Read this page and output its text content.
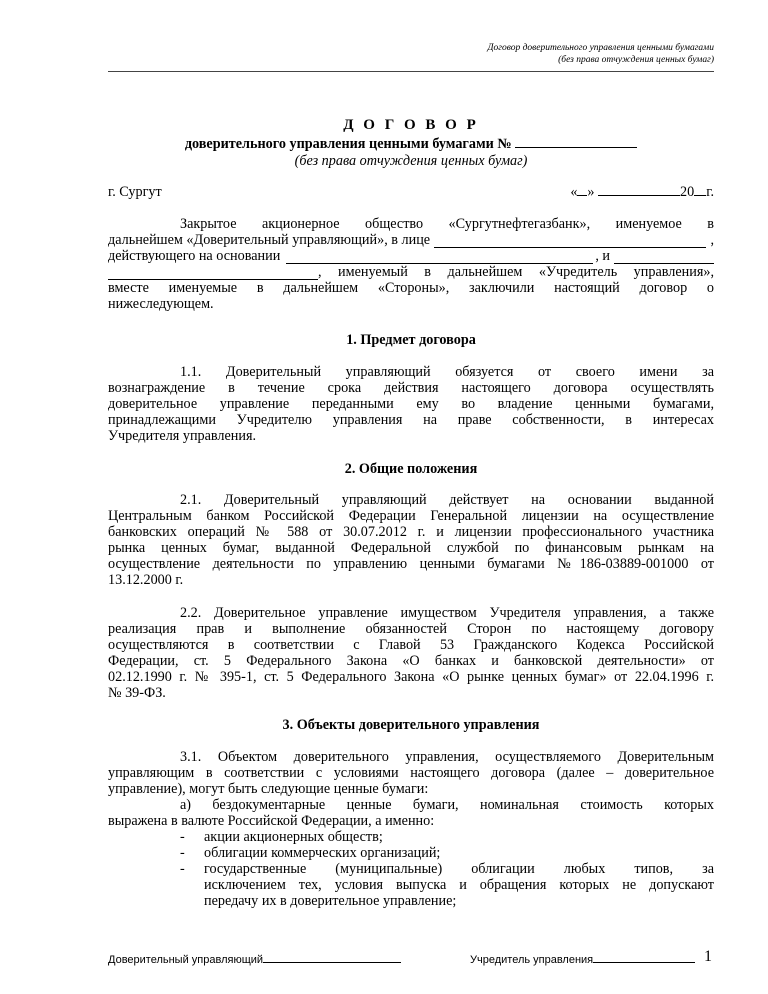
Договор доверительного управления ценными бумагами
(без права отчуждения ценных бумаг)
Д О Г О В О Р
доверительного управления ценными бумагами №
(без права отчуждения ценных бумаг)
г. Сургут	« »	20 г.
Закрытое акционерное общество «Сургутнефтегазбанк», именуемое в
дальнейшем «Доверительный управляющий», в лице	,
действующего на основании	, и
, именуемый в дальнейшем «Учредитель управления»,
вместе именуемые в дальнейшем «Стороны», заключили настоящий договор о
нижеследующем.
1. Предмет договора
1.1. Доверительный управляющий обязуется от своего имени за
вознаграждение в течение срока действия настоящего договора осуществлять
доверительное управление переданными ему во владение ценными бумагами,
принадлежащими Учредителю управления на праве собственности, в интересах
Учредителя управления.
2. Общие положения
2.1. Доверительный управляющий действует на основании выданной
Центральным банком Российской Федерации Генеральной лицензии на осуществление
банковских операций № 588 от 30.07.2012 г. и лицензии профессионального участника
рынка ценных бумаг, выданной Федеральной службой по финансовым рынкам на
осуществление деятельности по управлению ценными бумагами №186-03889-001000 от
13.12.2000 г.
2.2. Доверительное управление имуществом Учредителя управления, а также
реализация прав и выполнение обязанностей Сторон по настоящему договору
осуществляются в соответствии с Главой 53 Гражданского Кодекса Российской
Федерации, ст. 5 Федерального Закона «О банках и банковской деятельности» от
02.12.1990 г. № 395-1, ст. 5 Федерального Закона «О рынке ценных бумаг» от 22.04.1996 г.
№ 39-ФЗ.
3. Объекты доверительного управления
3.1. Объектом доверительного управления, осуществляемого Доверительным
управляющим в соответствии с условиями настоящего договора (далее – доверительное
управление), могут быть следующие ценные бумаги:
а) бездокументарные ценные бумаги, номинальная стоимость которых
выражена в валюте Российской Федерации, а именно:
- акции акционерных обществ;
- облигации коммерческих организаций;
- государственные (муниципальные) облигации любых типов, за
исключением тех, условия выпуска и обращения которых не допускают
передачу их в доверительное управление;
Доверительный управляющий	Учредитель управления	1
